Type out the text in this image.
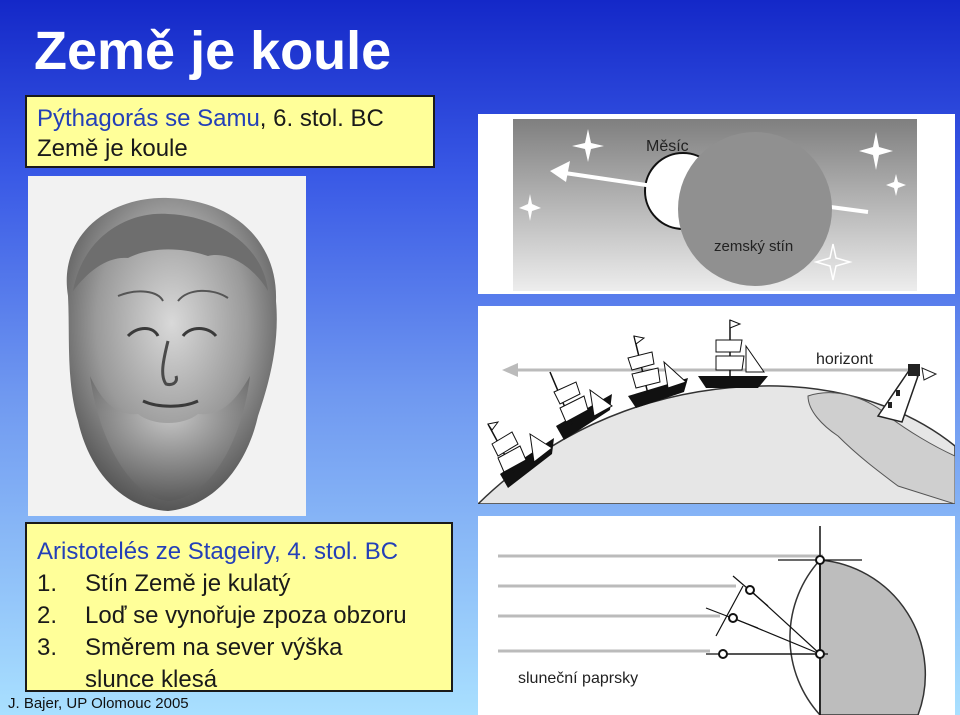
Země je koule
Pýthagorás se Samu, 6. stol. BC
Země je koule
Aristotelés ze Stageiry, 4. stol. BC
1. Stín Země je kulatý
2. Loď se vynořuje zpoza obzoru
3. Směrem na sever výška
slunce klesá
Měsíc
zemský stín
horizont
sluneční paprsky
J. Bajer, UP Olomouc 2005
